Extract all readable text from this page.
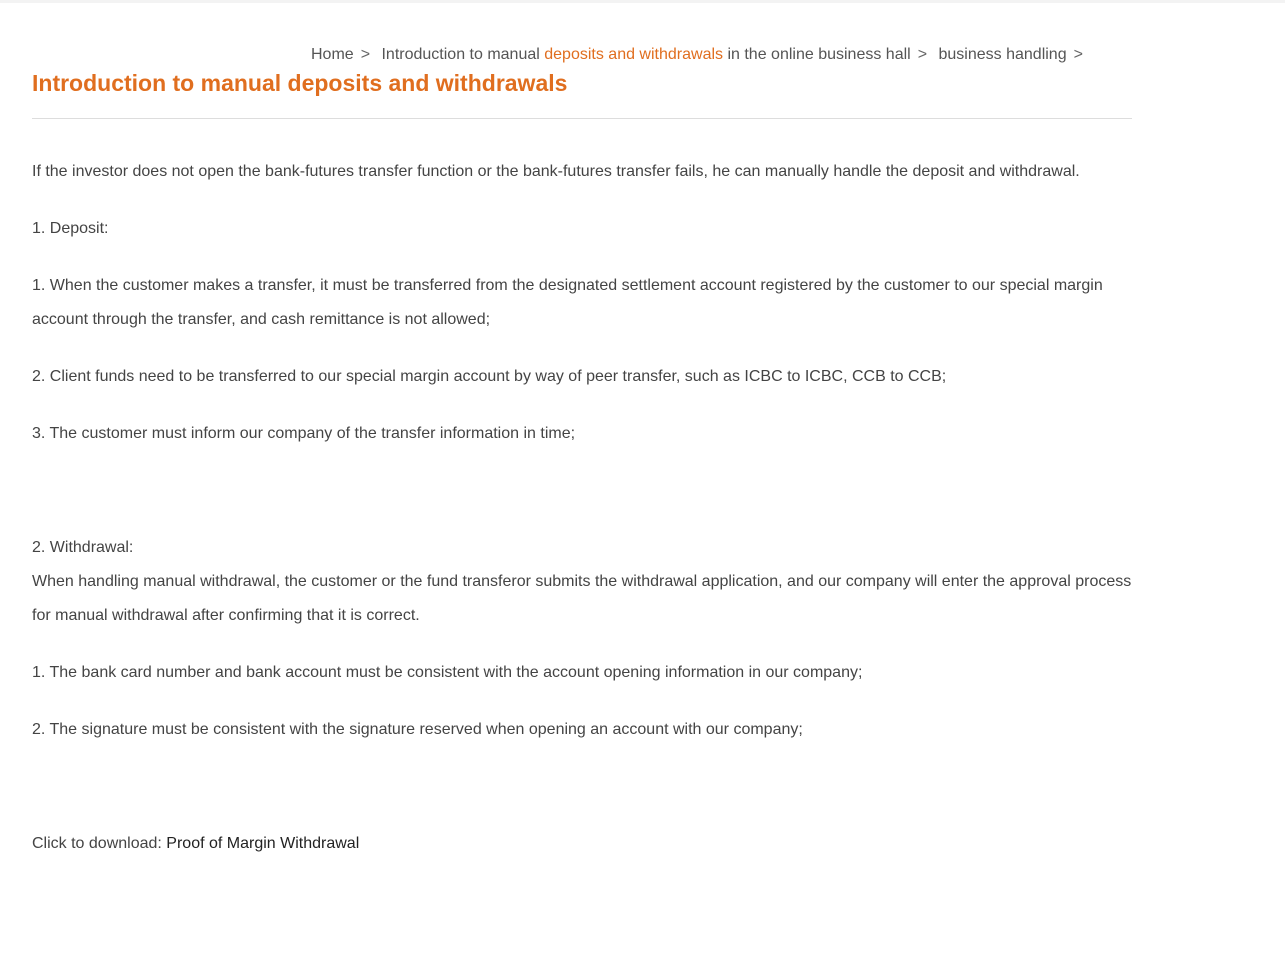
Home > Introduction to manual deposits and withdrawals in the online business hall > business handling >
Introduction to manual deposits and withdrawals

If the investor does not open the bank-futures transfer function or the bank-futures transfer fails, he can manually handle the deposit and withdrawal.

1. Deposit:

1. When the customer makes a transfer, it must be transferred from the designated settlement account registered by the customer to our special margin account through the transfer, and cash remittance is not allowed;

2. Client funds need to be transferred to our special margin account by way of peer transfer, such as ICBC to ICBC, CCB to CCB;

3. The customer must inform our company of the transfer information in time;

2. Withdrawal:

When handling manual withdrawal, the customer or the fund transferor submits the withdrawal application, and our company will enter the approval process for manual withdrawal after confirming that it is correct.

1. The bank card number and bank account must be consistent with the account opening information in our company;

2. The signature must be consistent with the signature reserved when opening an account with our company;

Click to download: Proof of Margin Withdrawal
